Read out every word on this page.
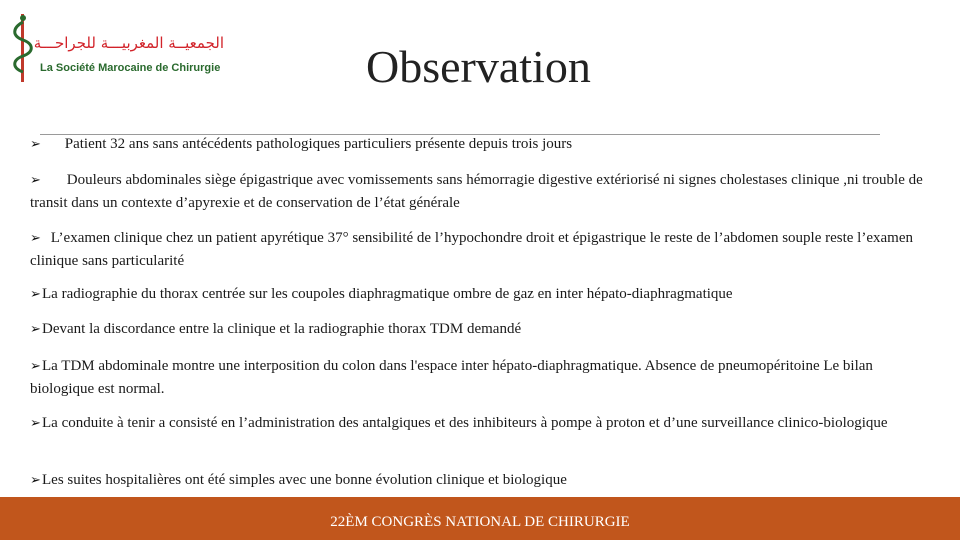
الجمعيــة المغربيـــة للجراحـــة
La Société Marocaine de Chirurgie	Observation
➢ Patient 32 ans sans antécédents pathologiques particuliers présente depuis trois jours
➢ Douleurs abdominales siège épigastrique avec vomissements sans hémorragie digestive extériorisé ni signes cholestases clinique ,ni trouble de transit dans un contexte d’apyrexie et de conservation de l’état générale
➢ L’examen clinique chez un patient apyrétique 37° sensibilité de l’hypochondre droit et épigastrique le reste de l’abdomen souple reste l’examen clinique sans particularité
➢La radiographie du thorax centrée sur les coupoles diaphragmatique ombre de gaz en inter hépato-diaphragmatique
➢Devant la discordance entre la clinique et la radiographie thorax TDM demandé
➢La TDM abdominale montre une interposition du colon dans l'espace inter hépato-diaphragmatique. Absence de pneumopéritoine Le bilan biologique est normal.
➢La conduite à tenir a consisté en l’administration des antalgiques et des inhibiteurs à pompe à proton et d’une surveillance clinico-biologique
➢Les suites hospitalières ont été simples avec une bonne évolution clinique et biologique
22ÈM CONGRÈS NATIONAL DE CHIRURGIE
